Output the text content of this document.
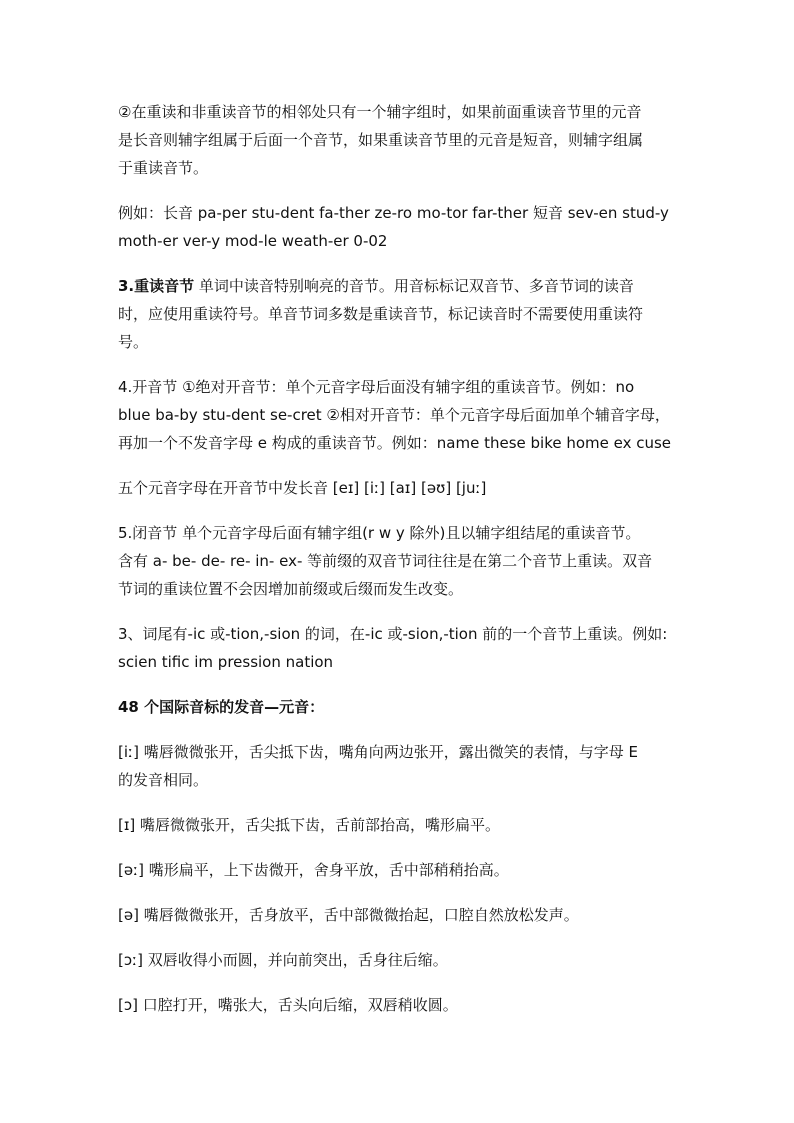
②在重读和非重读音节的相邻处只有一个辅字组时，如果前面重读音节里的元音
是长音则辅字组属于后面一个音节，如果重读音节里的元音是短音，则辅字组属
于重读音节。
例如：长音 pa-per stu-dent fa-ther ze-ro mo-tor far-ther 短音 sev-en stud-y
moth-er ver-y mod-le weath-er 0-02
3.重读音节 单词中读音特别响亮的音节。用音标标记双音节、多音节词的读音
时，应使用重读符号。单音节词多数是重读音节，标记读音时不需要使用重读符
号。
4.开音节 ①绝对开音节：单个元音字母后面没有辅字组的重读音节。例如：no
blue ba-by stu-dent se-cret ②相对开音节：单个元音字母后面加单个辅音字母，
再加一个不发音字母 e 构成的重读音节。例如：name these bike home ex cuse
五个元音字母在开音节中发长音 [eɪ] [iː] [aɪ] [əʊ] [juː]
5.闭音节 单个元音字母后面有辅字组(r w y 除外)且以辅字组结尾的重读音节。
含有 a- be- de- re- in- ex- 等前缀的双音节词往往是在第二个音节上重读。双音
节词的重读位置不会因增加前缀或后缀而发生改变。
3、词尾有-ic 或-tion,-sion 的词，在-ic 或-sion,-tion 前的一个音节上重读。例如:
scien tific im pression nation
48 个国际音标的发音—元音：
[iː] 嘴唇微微张开，舌尖抵下齿，嘴角向两边张开，露出微笑的表情，与字母 E
的发音相同。
[ɪ] 嘴唇微微张开，舌尖抵下齿，舌前部抬高，嘴形扁平。
[əː] 嘴形扁平，上下齿微开，舍身平放，舌中部稍稍抬高。
[ə] 嘴唇微微张开，舌身放平，舌中部微微抬起，口腔自然放松发声。
[ɔː] 双唇收得小而圆，并向前突出，舌身往后缩。
[ɔ] 口腔打开，嘴张大，舌头向后缩，双唇稍收圆。
